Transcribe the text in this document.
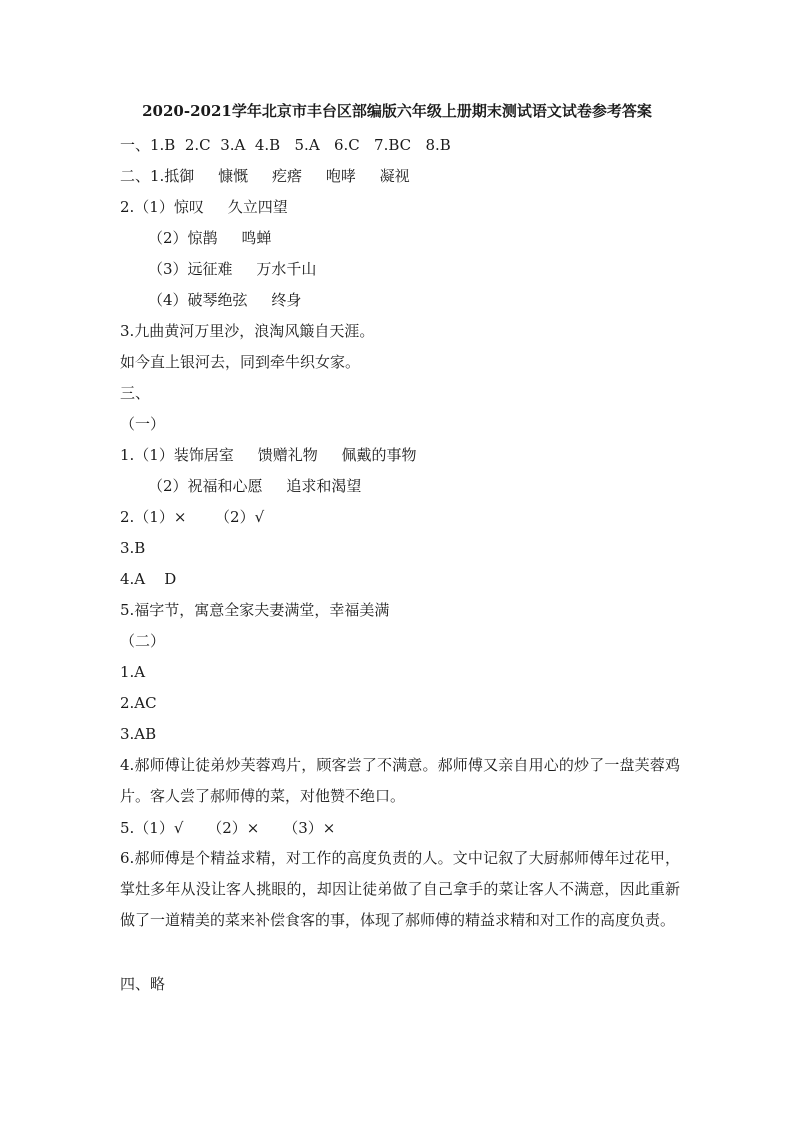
2020-2021学年北京市丰台区部编版六年级上册期末测试语文试卷参考答案
一、1.B  2.C  3.A  4.B   5.A   6.C   7.BC   8.B
二、1.抵御     慷慨     疙瘩     咆哮     凝视
2.（1）惊叹     久立四望
（2）惊鹊     鸣蝉
（3）远征难     万水千山
（4）破琴绝弦     终身
3.九曲黄河万里沙，浪淘风簸自天涯。
如今直上银河去，同到牵牛织女家。
三、
（一）
1.（1）装饰居室     馈赠礼物     佩戴的事物
（2）祝福和心愿     追求和渴望
2.（1）×      （2）√
3.B
4.A    D
5.福字节，寓意全家夫妻满堂，幸福美满
（二）
1.A
2.AC
3.AB
4.郝师傅让徒弟炒芙蓉鸡片，顾客尝了不满意。郝师傅又亲自用心的炒了一盘芙蓉鸡片。客人尝了郝师傅的菜，对他赞不绝口。
5.（1）√     （2）×     （3）×
6.郝师傅是个精益求精，对工作的高度负责的人。文中记叙了大厨郝师傅年过花甲，掌灶多年从没让客人挑眼的，却因让徒弟做了自己拿手的菜让客人不满意，因此重新做了一道精美的菜来补偿食客的事，体现了郝师傅的精益求精和对工作的高度负责。
四、略
